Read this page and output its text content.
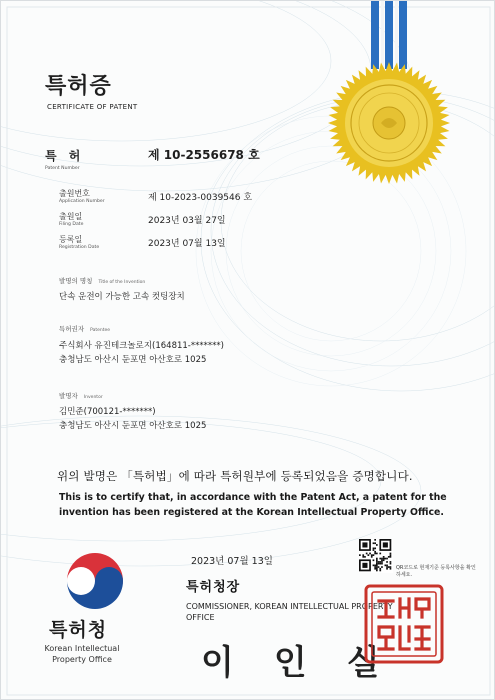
특허증
CERTIFICATE OF PATENT
특 허
Patent Number
제 10-2556678 호
출원번호
Application Number	제 10-2023-0039546 호
출원일
Filing Date	2023년 03월 27일
등록일
Registration Date	2023년 07월 13일
발명의 명칭 Title of the Invention
단속 운전이 가능한 고속 컷팅장치
특허권자 Patentee
주식회사 유진테크놀로지(164811-*******)
충청남도 아산시 둔포면 아산호로 1025
발명자 Inventor
김민준(700121-*******)
충청남도 아산시 둔포면 아산호로 1025
위의 발명은 「특허법」에 따라 특허원부에 등록되었음을 증명합니다.
This is to certify that, in accordance with the Patent Act, a patent for the invention has been registered at the Korean Intellectual Property Office.
특허청
Korean Intellectual Property Office
2023년 07월 13일
특허청장
COMMISSIONER, KOREAN INTELLECTUAL PROPERTY OFFICE
이인실
QR코드로 현재기준 등록사항을 확인하세요.
